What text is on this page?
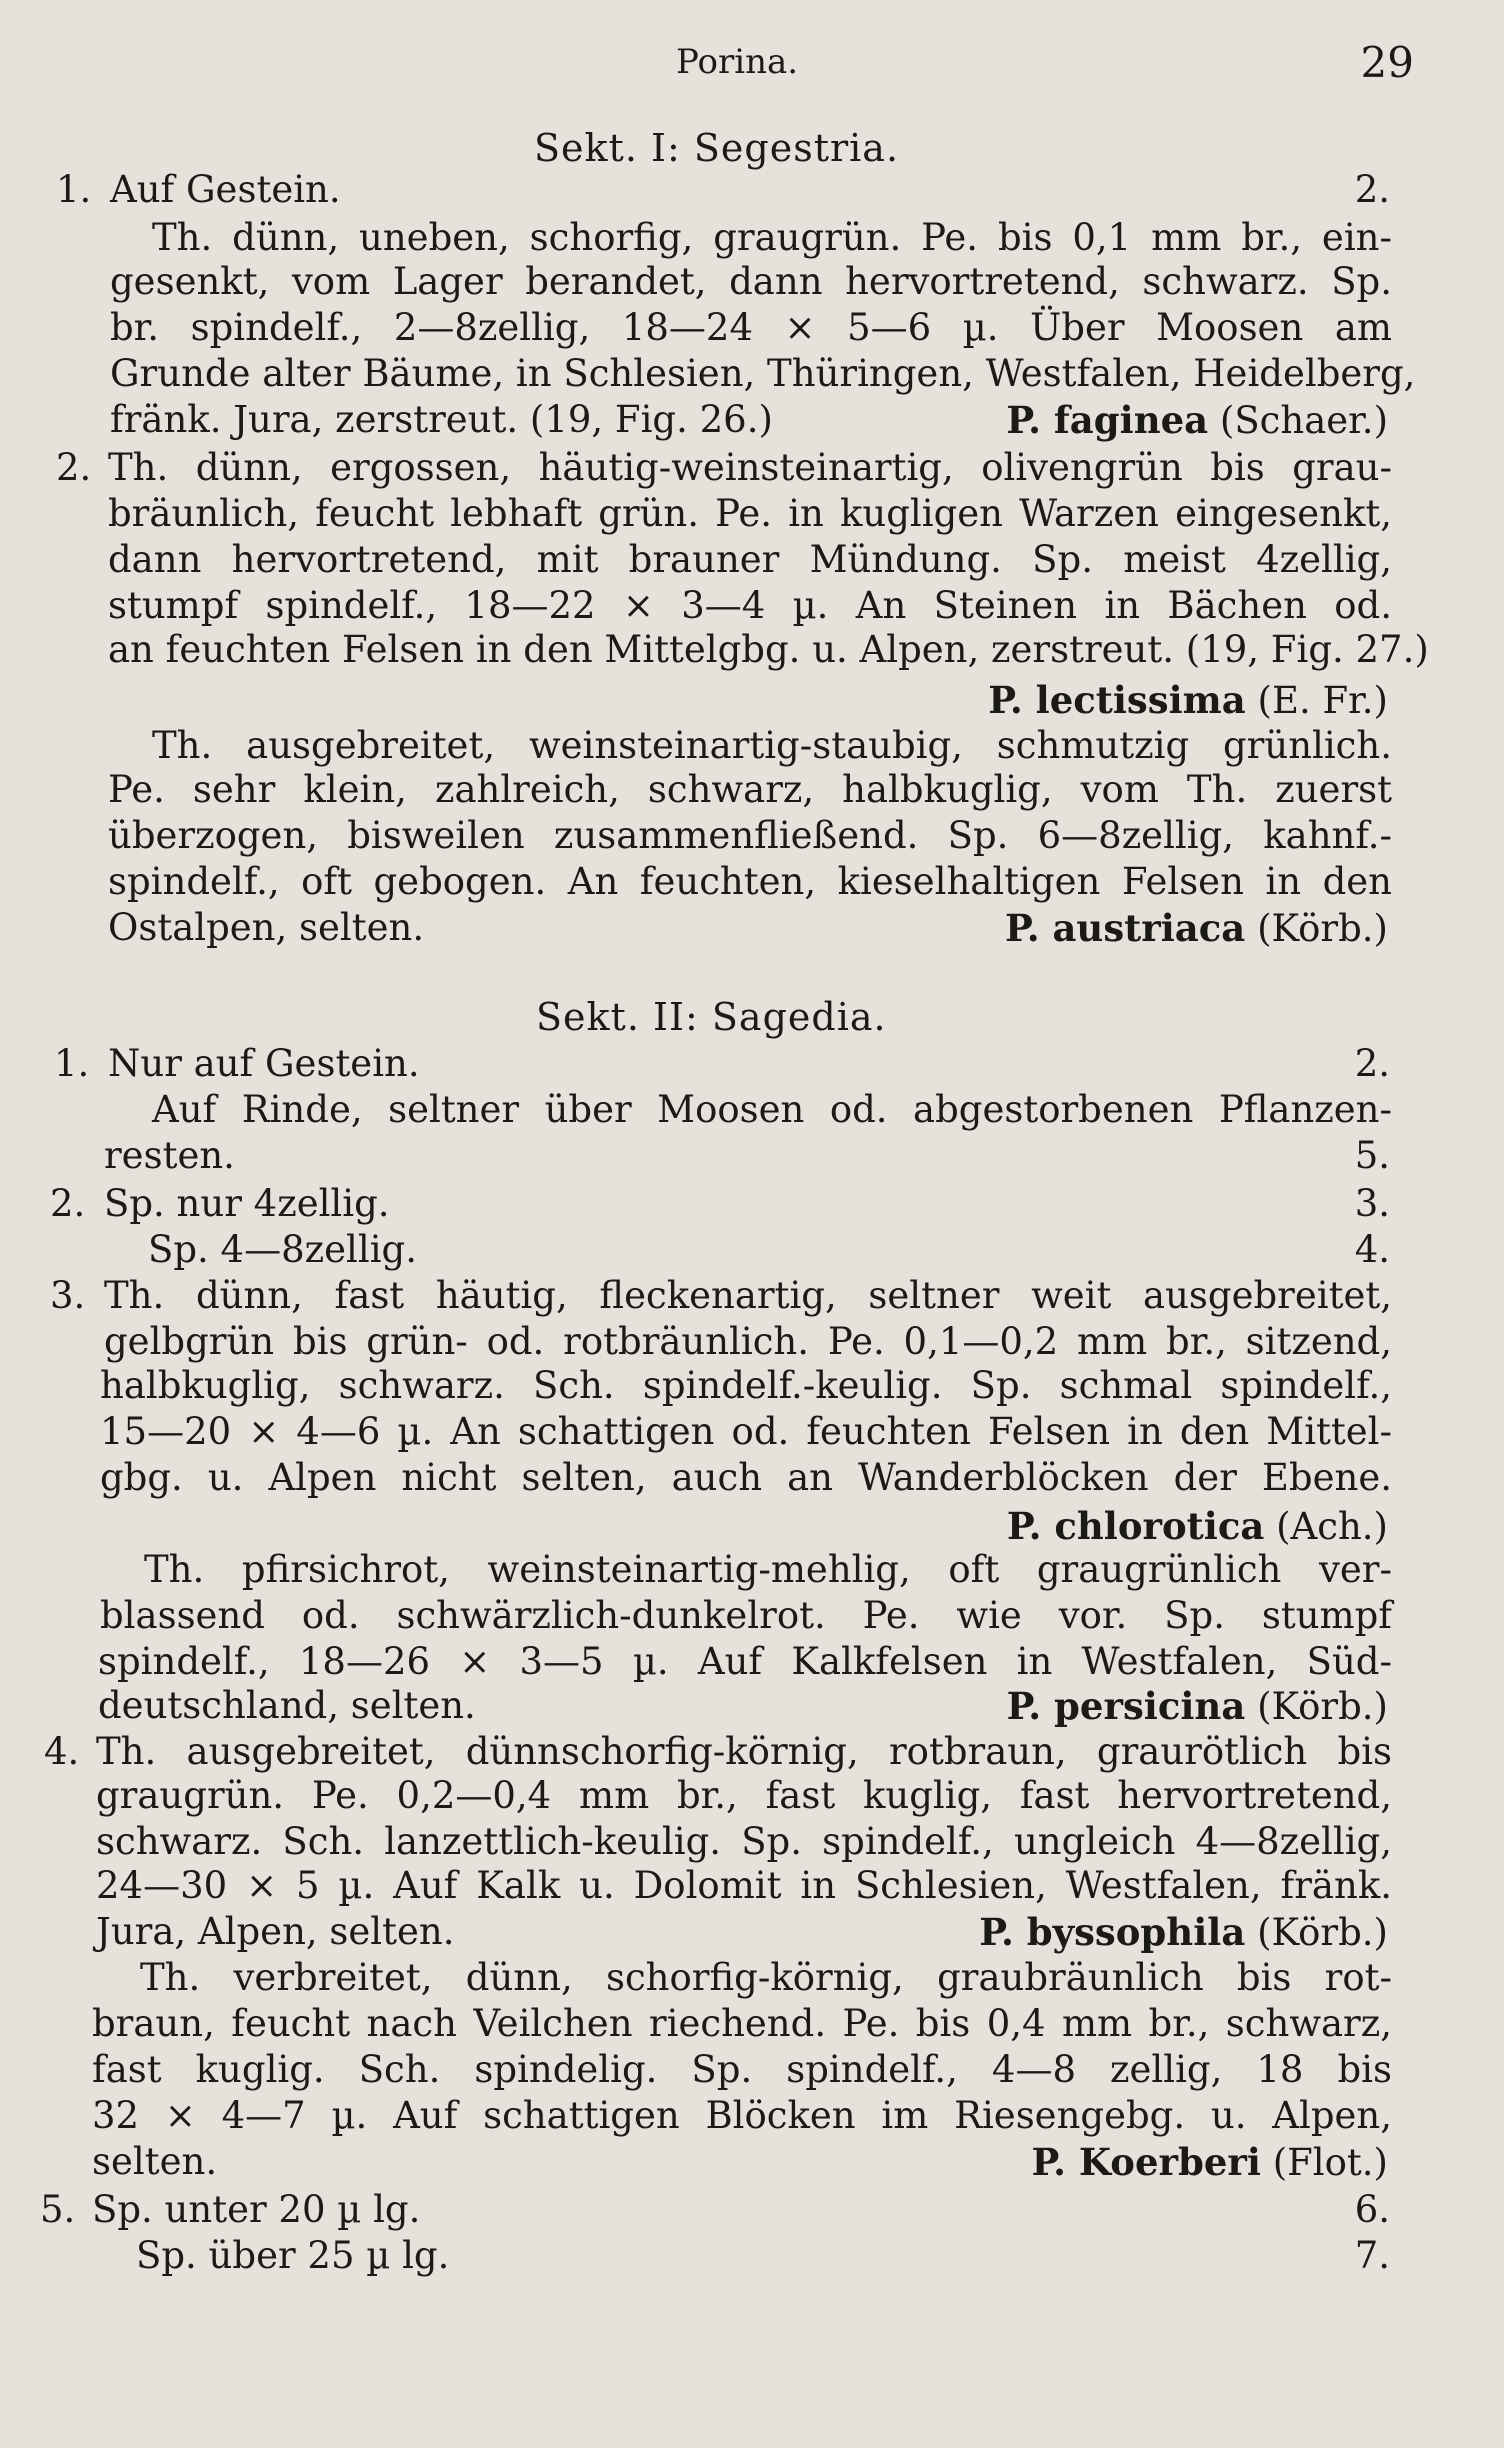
Porina.	29
Sekt. I: Segestria.
1. Auf Gestein.	2.
Th. dünn, uneben, schorfig, graugrün. Pe. bis 0,1 mm br., ein-
gesenkt, vom Lager berandet, dann hervortretend, schwarz. Sp.
br. spindelf., 2—8zellig, 18—24 × 5—6 µ. Über Moosen am
Grunde alter Bäume, in Schlesien, Thüringen, Westfalen, Heidelberg,
fränk. Jura, zerstreut. (19, Fig. 26.)	P. faginea (Schaer.)
2. Th. dünn, ergossen, häutig-weinsteinartig, olivengrün bis grau-
bräunlich, feucht lebhaft grün. Pe. in kugligen Warzen eingesenkt,
dann hervortretend, mit brauner Mündung. Sp. meist 4zellig,
stumpf spindelf., 18—22 × 3—4 µ. An Steinen in Bächen od.
an feuchten Felsen in den Mittelgbg. u. Alpen, zerstreut. (19, Fig. 27.)
P. lectissima (E. Fr.)
Th. ausgebreitet, weinsteinartig-staubig, schmutzig grünlich.
Pe. sehr klein, zahlreich, schwarz, halbkuglig, vom Th. zuerst
überzogen, bisweilen zusammenfließend. Sp. 6—8zellig, kahnf.-
spindelf., oft gebogen. An feuchten, kieselhaltigen Felsen in den
Ostalpen, selten.	P. austriaca (Körb.)
Sekt. II: Sagedia.
1. Nur auf Gestein.	2.
Auf Rinde, seltner über Moosen od. abgestorbenen Pflanzen-
resten.	5.
2. Sp. nur 4zellig.	3.
Sp. 4—8zellig.	4.
3. Th. dünn, fast häutig, fleckenartig, seltner weit ausgebreitet,
gelbgrün bis grün- od. rotbräunlich. Pe. 0,1—0,2 mm br., sitzend,
halbkuglig, schwarz. Sch. spindelf.-keulig. Sp. schmal spindelf.,
15—20 × 4—6 µ. An schattigen od. feuchten Felsen in den Mittel-
gbg. u. Alpen nicht selten, auch an Wanderblöcken der Ebene.
P. chlorotica (Ach.)
Th. pfirsichrot, weinsteinartig-mehlig, oft graugrünlich ver-
blassend od. schwärzlich-dunkelrot. Pe. wie vor. Sp. stumpf
spindelf., 18—26 × 3—5 µ. Auf Kalkfelsen in Westfalen, Süd-
deutschland, selten.	P. persicina (Körb.)
4. Th. ausgebreitet, dünnschorfig-körnig, rotbraun, graurötlich bis
graugrün. Pe. 0,2—0,4 mm br., fast kuglig, fast hervortretend,
schwarz. Sch. lanzettlich-keulig. Sp. spindelf., ungleich 4—8zellig,
24—30 × 5 µ. Auf Kalk u. Dolomit in Schlesien, Westfalen, fränk.
Jura, Alpen, selten.	P. byssophila (Körb.)
Th. verbreitet, dünn, schorfig-körnig, graubräunlich bis rot-
braun, feucht nach Veilchen riechend. Pe. bis 0,4 mm br., schwarz,
fast kuglig. Sch. spindelig. Sp. spindelf., 4—8 zellig, 18 bis
32 × 4—7 µ. Auf schattigen Blöcken im Riesengebg. u. Alpen,
selten.	P. Koerberi (Flot.)
5. Sp. unter 20 µ lg.	6.
Sp. über 25 µ lg.	7.
